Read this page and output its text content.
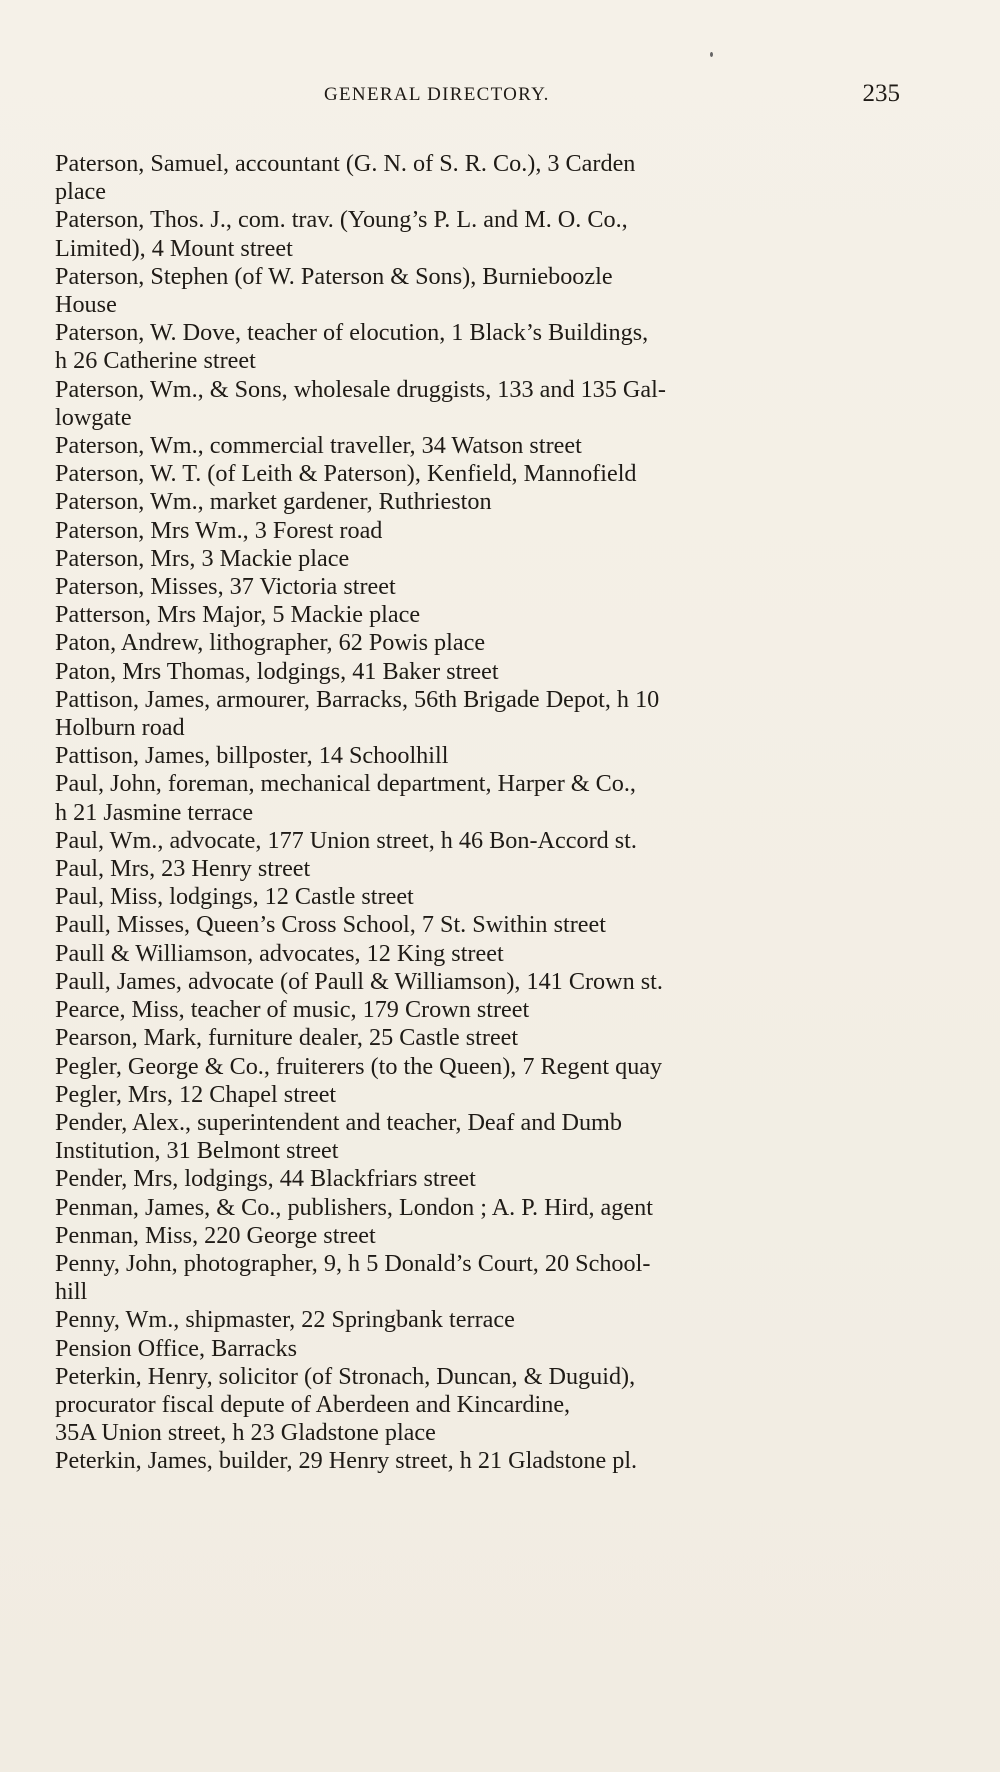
GENERAL DIRECTORY.	235

Paterson, Samuel, accountant (G. N. of S. R. Co.), 3 Carden
place

Paterson, Thos. J., com. trav. (Young’s P. L. and M. O. Co.,
Limited), 4 Mount street

Paterson, Stephen (of W. Paterson & Sons), Burnieboozle
House

Paterson, W. Dove, teacher of elocution, 1 Black’s Buildings,
h 26 Catherine street

Paterson, Wm., & Sons, wholesale druggists, 133 and 135 Gal-
lowgate

Paterson, Wm., commercial traveller, 34 Watson street

Paterson, W. T. (of Leith & Paterson), Kenfield, Mannofield

Paterson, Wm., market gardener, Ruthrieston

Paterson, Mrs Wm., 3 Forest road

Paterson, Mrs, 3 Mackie place

Paterson, Misses, 37 Victoria street

Patterson, Mrs Major, 5 Mackie place

Paton, Andrew, lithographer, 62 Powis place

Paton, Mrs Thomas, lodgings, 41 Baker street

Pattison, James, armourer, Barracks, 56th Brigade Depot, h 10
Holburn road

Pattison, James, billposter, 14 Schoolhill

Paul, John, foreman, mechanical department, Harper & Co.,
h 21 Jasmine terrace

Paul, Wm., advocate, 177 Union street, h 46 Bon-Accord st.

Paul, Mrs, 23 Henry street

Paul, Miss, lodgings, 12 Castle street

Paull, Misses, Queen’s Cross School, 7 St. Swithin street

Paull & Williamson, advocates, 12 King street

Paull, James, advocate (of Paull & Williamson), 141 Crown st.

Pearce, Miss, teacher of music, 179 Crown street

Pearson, Mark, furniture dealer, 25 Castle street

Pegler, George & Co., fruiterers (to the Queen), 7 Regent quay

Pegler, Mrs, 12 Chapel street

Pender, Alex., superintendent and teacher, Deaf and Dumb
Institution, 31 Belmont street

Pender, Mrs, lodgings, 44 Blackfriars street

Penman, James, & Co., publishers, London ; A. P. Hird, agent

Penman, Miss, 220 George street

Penny, John, photographer, 9, h 5 Donald’s Court, 20 School-
hill

Penny, Wm., shipmaster, 22 Springbank terrace

Pension Office, Barracks

Peterkin, Henry, solicitor (of Stronach, Duncan, & Duguid),
procurator fiscal depute of Aberdeen and Kincardine,
35A Union street, h 23 Gladstone place

Peterkin, James, builder, 29 Henry street, h 21 Gladstone pl.
